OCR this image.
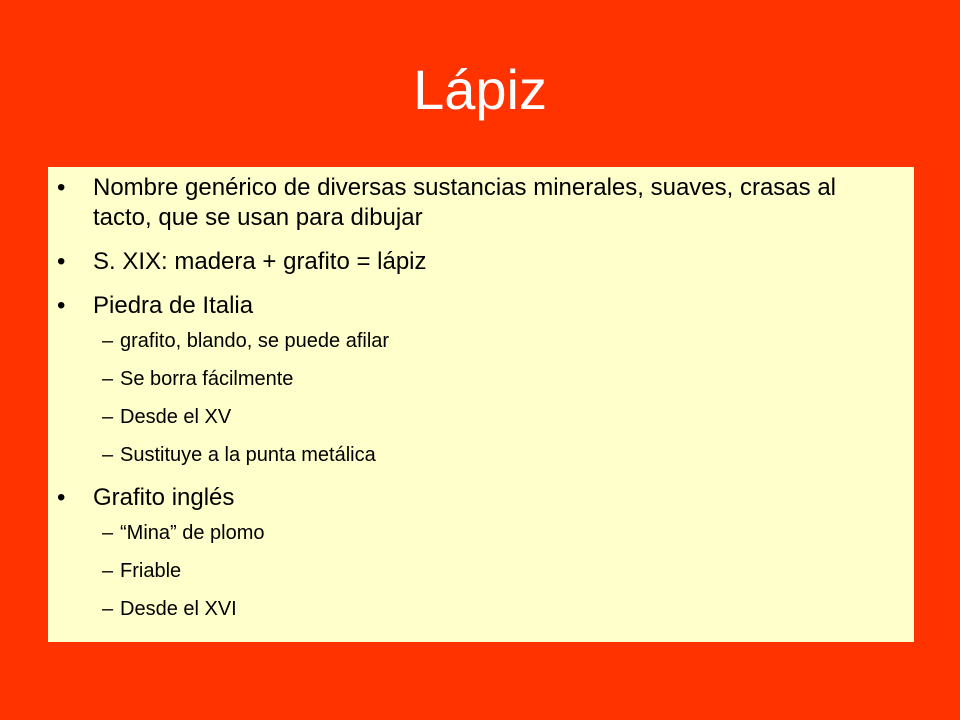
Lápiz
• Nombre genérico de diversas sustancias minerales, suaves, crasas al tacto, que se usan para dibujar
• S. XIX: madera + grafito = lápiz
• Piedra de Italia
– grafito, blando, se puede afilar
– Se borra fácilmente
– Desde el XV
– Sustituye a la punta metálica
• Grafito inglés
– “Mina” de plomo
– Friable
– Desde el XVI
